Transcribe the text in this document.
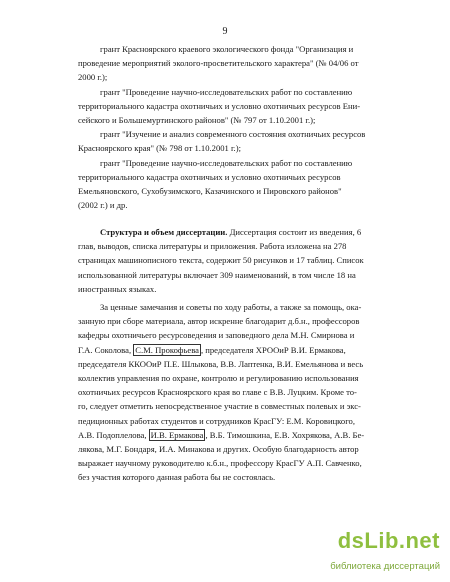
9
грант Красноярского краевого экологического фонда "Организация и
проведение мероприятий эколого-просветительского характера" (№ 04/06 от
2000 г.);
грант "Проведение научно-исследовательских работ по составлению
территориального кадастра охотничьих и условно охотничьих ресурсов Ени-
сейского и Большемуртинского районов" (№ 797 от 1.10.2001 г.);
грант "Изучение и анализ современного состояния охотничьих ресурсов
Красноярского края" (№ 798 от 1.10.2001 г.);
грант "Проведение научно-исследовательских работ по составлению
территориального кадастра охотничьих и условно охотничьих ресурсов
Емельяновского, Сухобузимского, Казачинского и Пировского районов"
(2002 г.) и др.
Структура и объем диссертации. Диссертация состоит из введения, 6
глав, выводов, списка литературы и приложения. Работа изложена на 278
страницах машинописного текста, содержит 50 рисунков и 17 таблиц. Список
использованной литературы включает 309 наименований, в том числе 18 на
иностранных языках.
За ценные замечания и советы по ходу работы, а также за помощь, ока-
занную при сборе материала, автор искренне благодарит д.б.н., профессоров
кафедры охотничьего ресурсоведения и заповедного дела М.Н. Смирнова и
Г.А. Соколова, С.М. Прокофьева , председателя ХРООиР В.И. Ермакова,
председателя ККООиР П.Е. Шлыкова, В.В. Лаптенка, В.И. Емельянова и весь
коллектив управления по охране, контролю и регулированию использования
охотничьих ресурсов Красноярского края во главе с В.В. Луцким. Кроме то-
го, следует отметить непосредственное участие в совместных полевых и экс-
педиционных работах студентов и сотрудников КрасГУ: Е.М. Коровицкого,
А.В. Подоплелова, И.В. Ермакова , В.Б. Тимошкина, Е.В. Хохрякова, А.В. Бе-
лякова, М.Г. Бондаря, И.А. Минакова и других. Особую благодарность автор
выражает научному руководителю к.б.н., профессору КрасГУ А.П. Савченко,
без участия которого данная работа бы не состоялась.
dsLib.net
библиотека диссертаций
